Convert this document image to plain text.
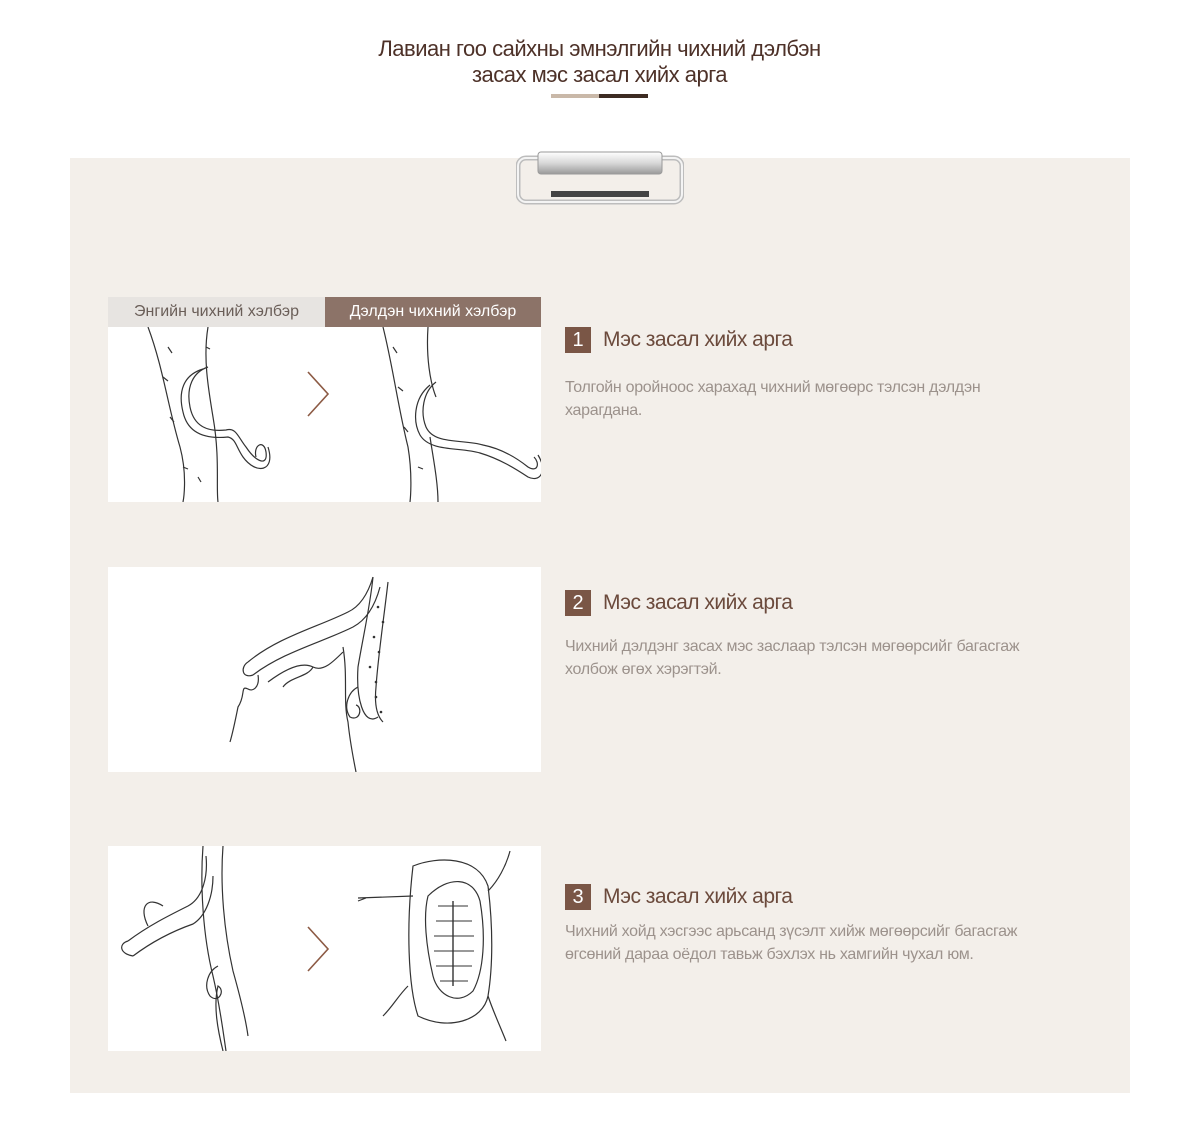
Лавиан гоо сайхны эмнэлгийн чихний дэлбэн
засах мэс засал хийх арга
Энгийн чихний хэлбэр	Дэлдэн чихний хэлбэр
1 Мэс засал хийх арга
Толгойн оройноос харахад чихний мөгөөрс тэлсэн дэлдэн харагдана.
2 Мэс засал хийх арга
Чихний дэлдэнг засах мэс заслаар тэлсэн мөгөөрсийг багасгаж холбож өгөх хэрэгтэй.
3 Мэс засал хийх арга
Чихний хойд хэсгээс арьсанд зүсэлт хийж мөгөөрсийг багасгаж өгсөний дараа оёдол тавьж бэхлэх нь хамгийн чухал юм.
